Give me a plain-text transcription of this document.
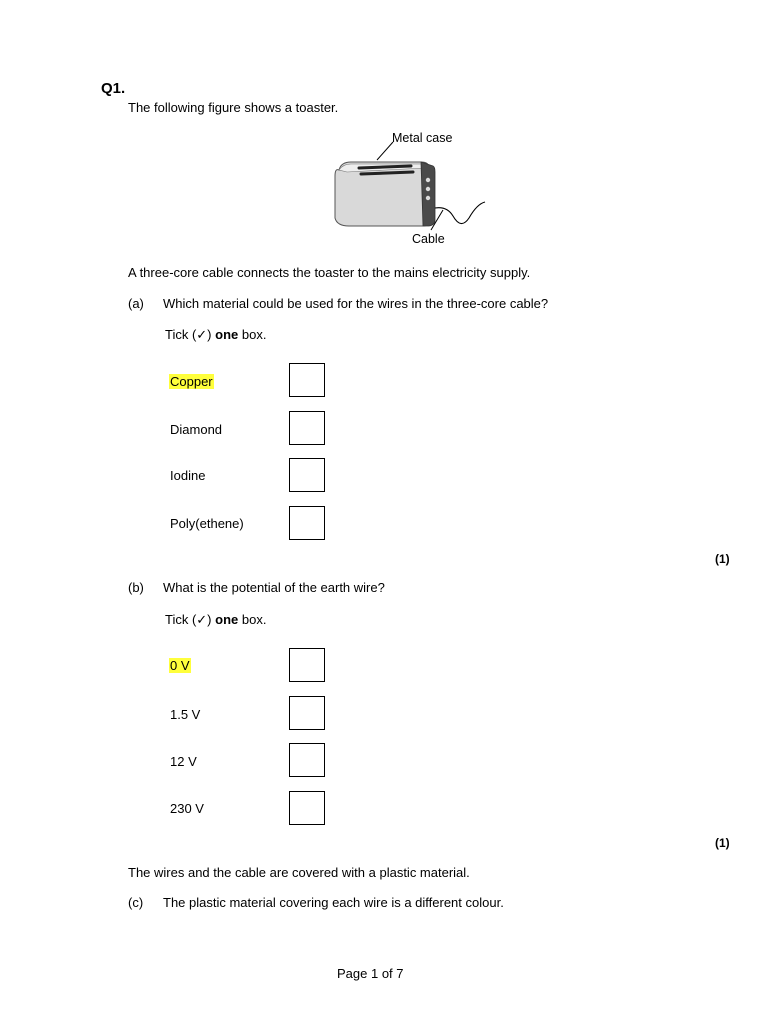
Q1.
The following figure shows a toaster.
Metal case
Cable
A three-core cable connects the toaster to the mains electricity supply.
(a) Which material could be used for the wires in the three-core cable?
Tick (✓) one box.
Copper
Diamond
Iodine
Poly(ethene)
(1)
(b) What is the potential of the earth wire?
Tick (✓) one box.
0 V
1.5 V
12 V
230 V
(1)
The wires and the cable are covered with a plastic material.
(c) The plastic material covering each wire is a different colour.
Page 1 of 7
